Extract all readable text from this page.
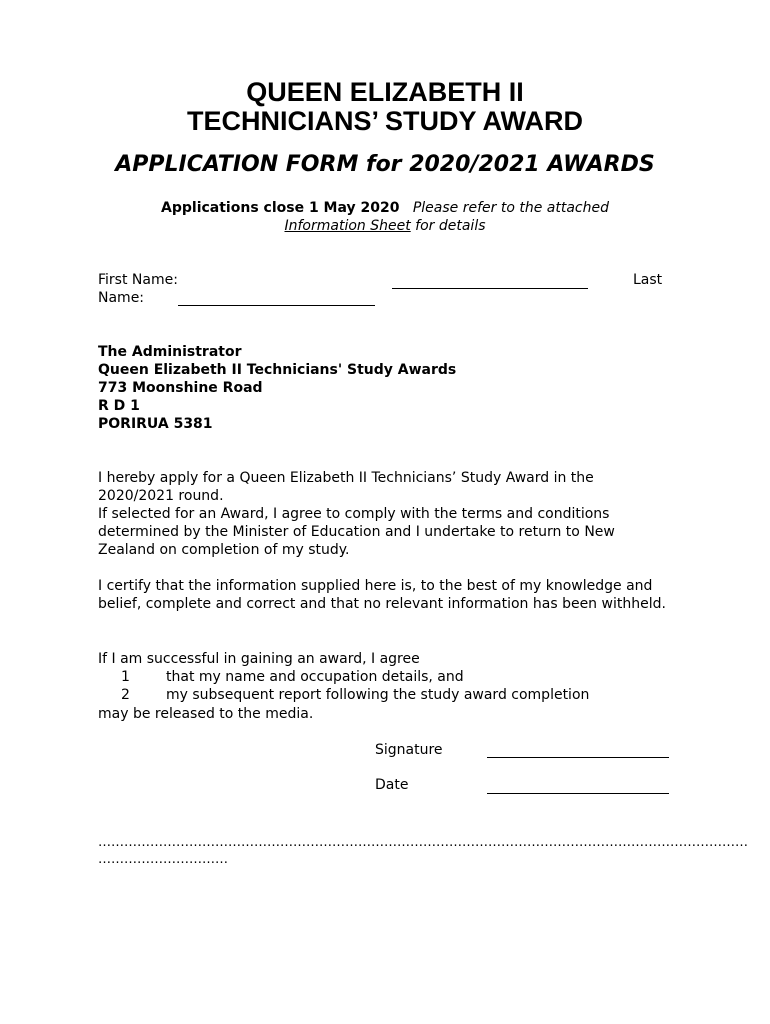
QUEEN ELIZABETH II
TECHNICIANS’ STUDY AWARD
APPLICATION FORM for 2020/2021 AWARDS
Applications close 1 May 2020 Please refer to the attached
Information Sheet for details
First Name:	Last
Name:
The Administrator
Queen Elizabeth II Technicians' Study Awards
773 Moonshine Road
R D 1
PORIRUA 5381

I hereby apply for a Queen Elizabeth II Technicians’ Study Award in the 2020/2021 round.

If selected for an Award, I agree to comply with the terms and conditions determined by the Minister of Education and I undertake to return to New Zealand on completion of my study.

I certify that the information supplied here is, to the best of my knowledge and belief, complete and correct and that no relevant information has been withheld.

If I am successful in gaining an award, I agree
1	that my name and occupation details, and
2	my subsequent report following the study award completion
may be released to the media.
Signature
Date
……………………………………………………………………………………………………………………………………
…………………………
